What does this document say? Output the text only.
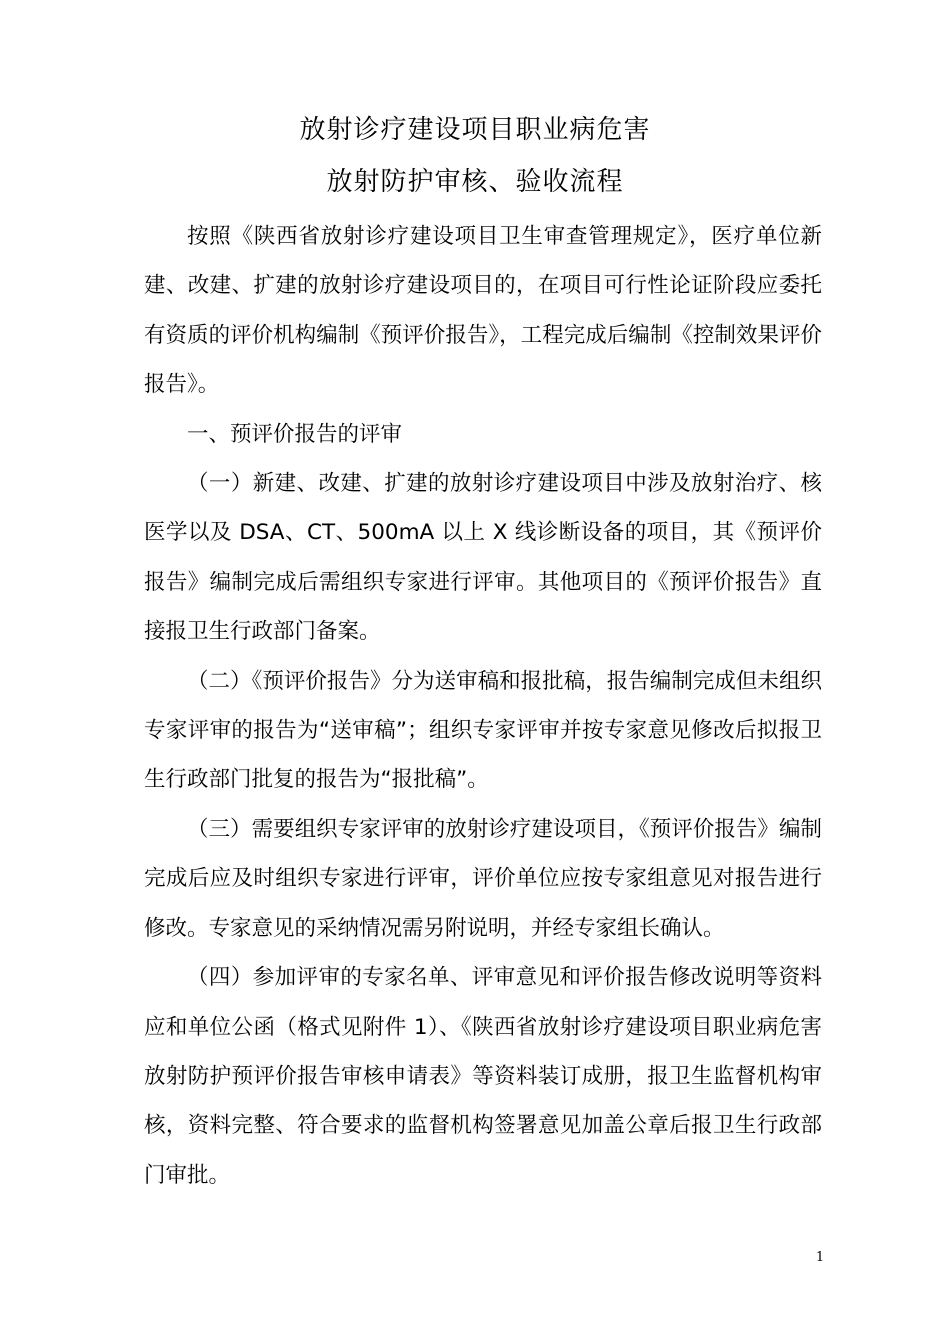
放射诊疗建设项目职业病危害
放射防护审核、验收流程

按照《陕西省放射诊疗建设项目卫生审查管理规定》，医疗单位新建、改建、扩建的放射诊疗建设项目的，在项目可行性论证阶段应委托有资质的评价机构编制《预评价报告》，工程完成后编制《控制效果评价报告》。

一、预评价报告的评审

（一）新建、改建、扩建的放射诊疗建设项目中涉及放射治疗、核医学以及 DSA、CT、500mA 以上 X 线诊断设备的项目，其《预评价报告》编制完成后需组织专家进行评审。其他项目的《预评价报告》直接报卫生行政部门备案。

（二）《预评价报告》分为送审稿和报批稿，报告编制完成但未组织专家评审的报告为“送审稿”；组织专家评审并按专家意见修改后拟报卫生行政部门批复的报告为“报批稿”。

（三）需要组织专家评审的放射诊疗建设项目，《预评价报告》编制完成后应及时组织专家进行评审，评价单位应按专家组意见对报告进行修改。专家意见的采纳情况需另附说明，并经专家组长确认。

（四）参加评审的专家名单、评审意见和评价报告修改说明等资料应和单位公函（格式见附件 1）、《陕西省放射诊疗建设项目职业病危害放射防护预评价报告审核申请表》等资料装订成册，报卫生监督机构审核，资料完整、符合要求的监督机构签署意见加盖公章后报卫生行政部门审批。

1
